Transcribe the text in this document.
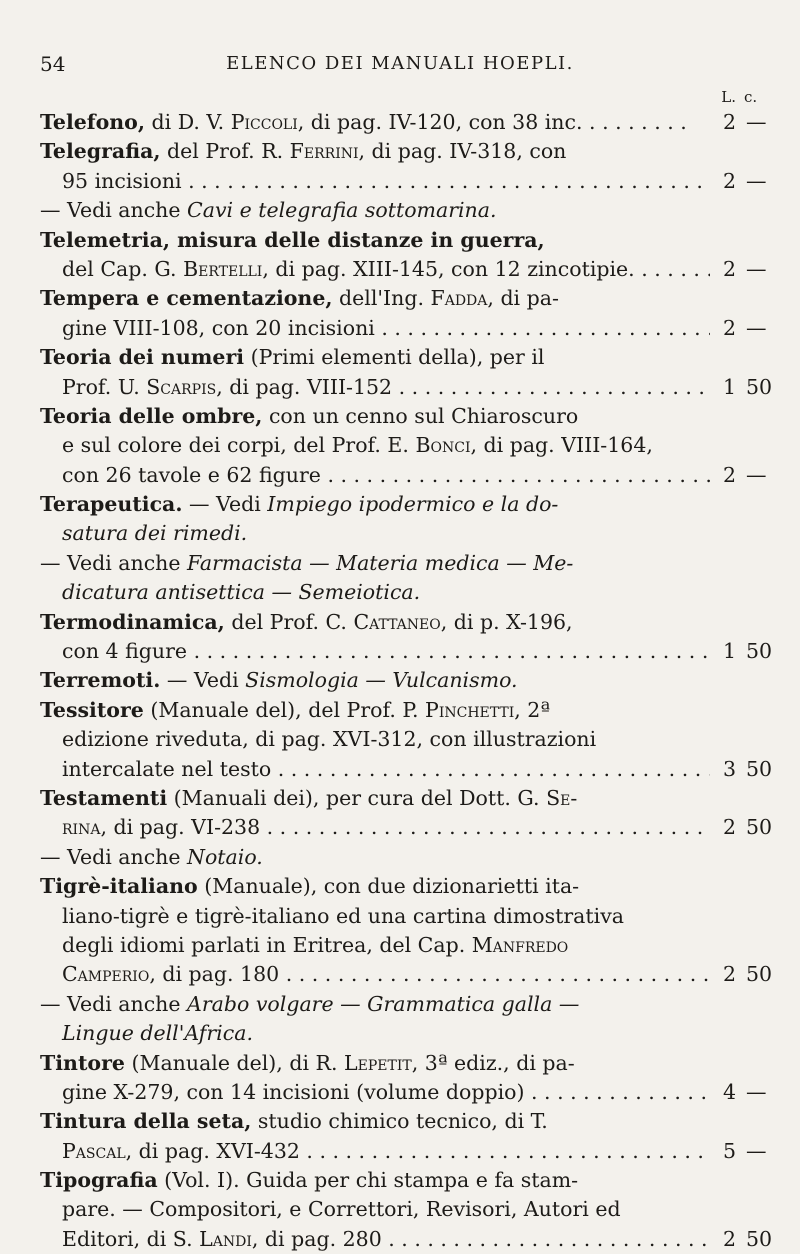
54	ELENCO DEI MANUALI HOEPLI.
L. c.
Telefono, di D. V. Piccoli, di pag. IV-120, con 38 inc. . . .	2 —
Telegrafia, del Prof. R. Ferrini, di pag. IV-318, con
95 incisioni . . .	2 —
— Vedi anche Cavi e telegrafia sottomarina.
Telemetria, misura delle distanze in guerra,
del Cap. G. Bertelli, di pag. XIII-145, con 12 zincotipie. . . .	2 —
Tempera e cementazione, dell'Ing. Fadda, di pa-
gine VIII-108, con 20 incisioni . . .	2 —
Teoria dei numeri (Primi elementi della), per il
Prof. U. Scarpis, di pag. VIII-152 . . .	1 50
Teoria delle ombre, con un cenno sul Chiaroscuro
e sul colore dei corpi, del Prof. E. Bonci, di pag. VIII-164,
con 26 tavole e 62 figure . . .	2 —
Terapeutica. — Vedi Impiego ipodermico e la do-
satura dei rimedi.
— Vedi anche Farmacista — Materia medica — Me-
dicatura antisettica — Semeiotica.
Termodinamica, del Prof. C. Cattaneo, di p. X-196,
con 4 figure . . .	1 50
Terremoti. — Vedi Sismologia — Vulcanismo.
Tessitore (Manuale del), del Prof. P. Pinchetti, 2ª
edizione riveduta, di pag. XVI-312, con illustrazioni
intercalate nel testo . . .	3 50
Testamenti (Manuali dei), per cura del Dott. G. Se-
rina, di pag. VI-238 . . .	2 50
— Vedi anche Notaio.
Tigrè-italiano (Manuale), con due dizionarietti ita-
liano-tigrè e tigrè-italiano ed una cartina dimostrativa
degli idiomi parlati in Eritrea, del Cap. Manfredo
Camperio, di pag. 180 . . .	2 50
— Vedi anche Arabo volgare — Grammatica galla —
Lingue dell'Africa.
Tintore (Manuale del), di R. Lepetit, 3ª ediz., di pa-
gine X-279, con 14 incisioni (volume doppio) . . .	4 —
Tintura della seta, studio chimico tecnico, di T.
Pascal, di pag. XVI-432 . . .	5 —
Tipografia (Vol. I). Guida per chi stampa e fa stam-
pare. — Compositori, e Correttori, Revisori, Autori ed
Editori, di S. Landi, di pag. 280 . . .	2 50
